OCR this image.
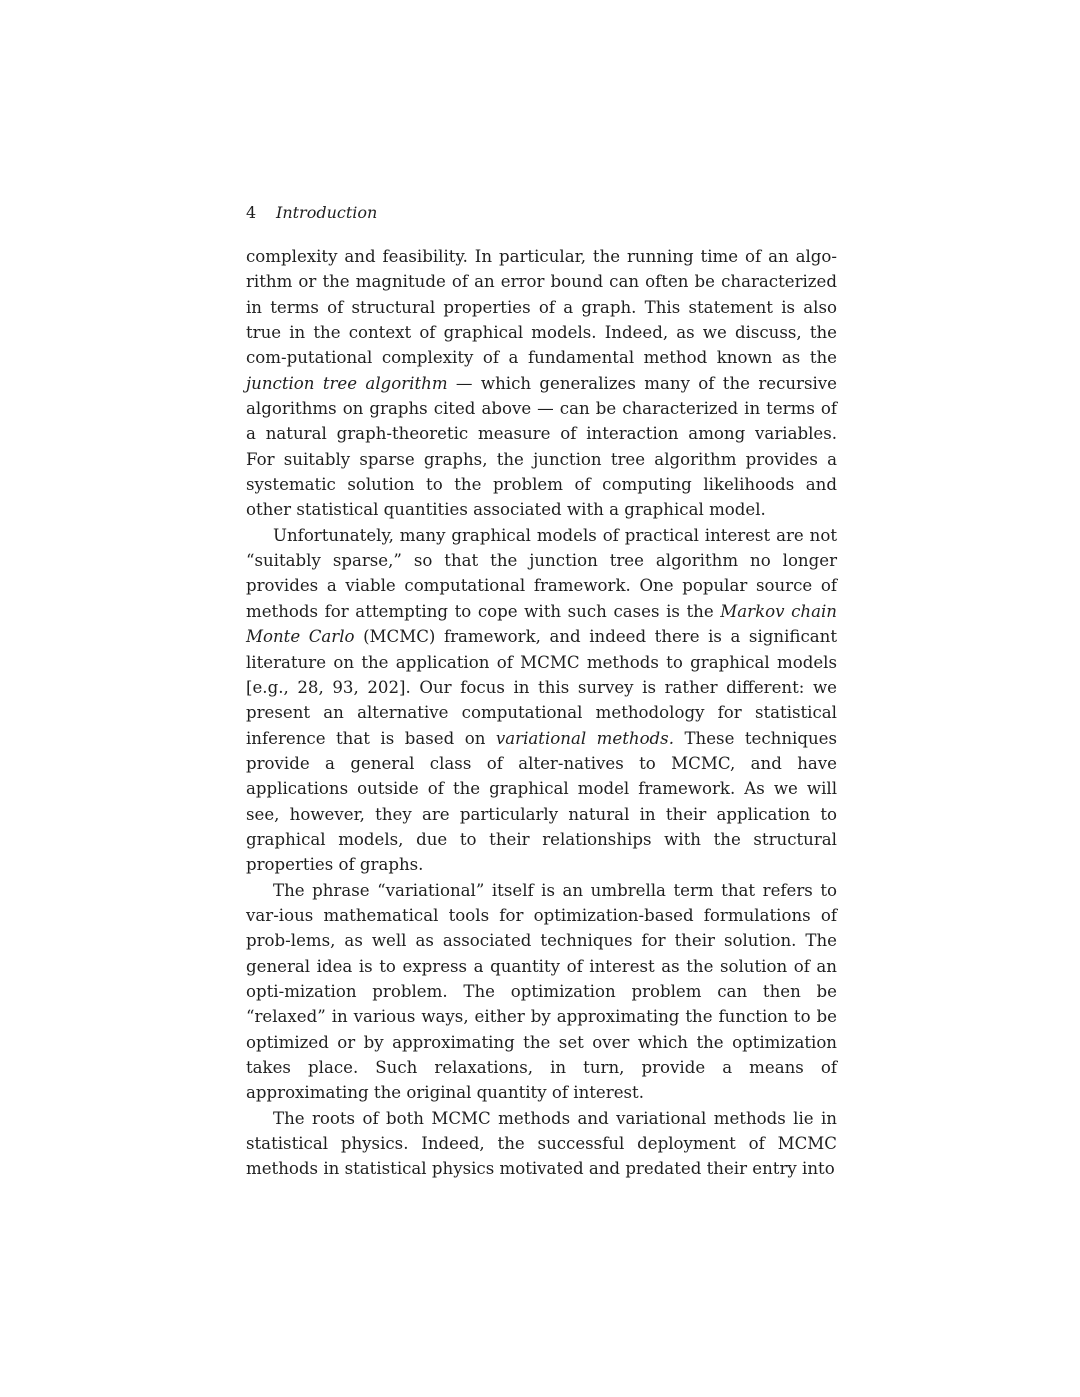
4 Introduction

complexity and feasibility. In particular, the running time of an algo-rithm or the magnitude of an error bound can often be characterized in terms of structural properties of a graph. This statement is also true in the context of graphical models. Indeed, as we discuss, the com-putational complexity of a fundamental method known as the junction tree algorithm — which generalizes many of the recursive algorithms on graphs cited above — can be characterized in terms of a natural graph-theoretic measure of interaction among variables. For suitably sparse graphs, the junction tree algorithm provides a systematic solution to the problem of computing likelihoods and other statistical quantities associated with a graphical model.

Unfortunately, many graphical models of practical interest are not “suitably sparse,” so that the junction tree algorithm no longer provides a viable computational framework. One popular source of methods for attempting to cope with such cases is the Markov chain Monte Carlo (MCMC) framework, and indeed there is a significant literature on the application of MCMC methods to graphical models [e.g., 28, 93, 202]. Our focus in this survey is rather different: we present an alternative computational methodology for statistical inference that is based on variational methods. These techniques provide a general class of alter-natives to MCMC, and have applications outside of the graphical model framework. As we will see, however, they are particularly natural in their application to graphical models, due to their relationships with the structural properties of graphs.

The phrase “variational” itself is an umbrella term that refers to var-ious mathematical tools for optimization-based formulations of prob-lems, as well as associated techniques for their solution. The general idea is to express a quantity of interest as the solution of an opti-mization problem. The optimization problem can then be “relaxed” in various ways, either by approximating the function to be optimized or by approximating the set over which the optimization takes place. Such relaxations, in turn, provide a means of approximating the original quantity of interest.

The roots of both MCMC methods and variational methods lie in statistical physics. Indeed, the successful deployment of MCMC methods in statistical physics motivated and predated their entry into
